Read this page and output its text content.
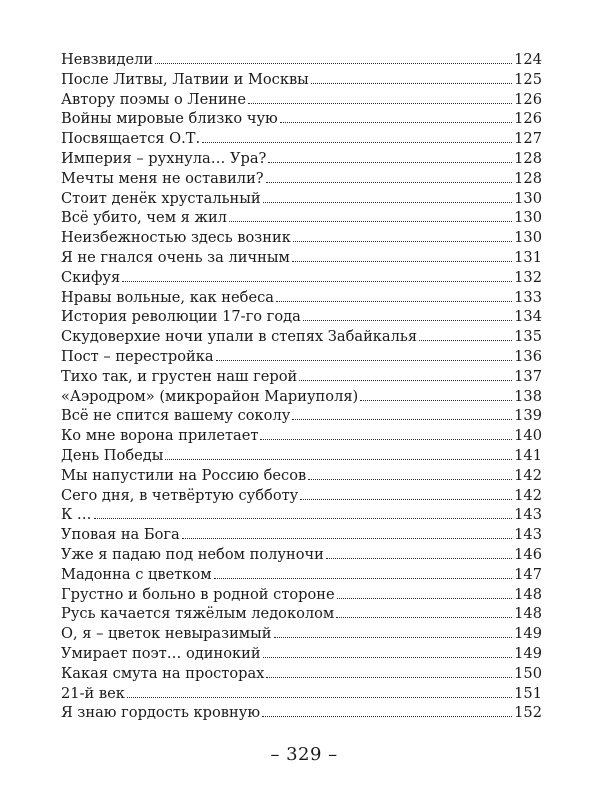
Невзвидели	124
После Литвы, Латвии и Москвы	125
Автору поэмы о Ленине	126
Войны мировые близко чую	126
Посвящается О.Т.	127
Империя – рухнула… Ура?	128
Мечты меня не оставили?	128
Стоит денёк хрустальный	130
Всё убито, чем я жил	130
Неизбежностью здесь возник	130
Я не гнался очень за личным	131
Скифуя	132
Нравы вольные, как небеса	133
История революции 17-го года	134
Скудоверхие ночи упали в степях Забайкалья	135
Пост – перестройка	136
Тихо так, и грустен наш герой	137
«Аэродром» (микрорайон Мариуполя)	138
Всё не спится вашему соколу	139
Ко мне ворона прилетает	140
День Победы	141
Мы напустили на Россию бесов	142
Сего дня, в четвёртую субботу	142
К …	143
Уповая на Бога	143
Уже я падаю под небом полуночи	146
Мадонна с цветком	147
Грустно и больно в родной стороне	148
Русь качается тяжёлым ледоколом	148
О, я – цветок невыразимый	149
Умирает поэт… одинокий	149
Какая смута на просторах	150
21-й век	151
Я знаю гордость кровную	152
– 329 –
